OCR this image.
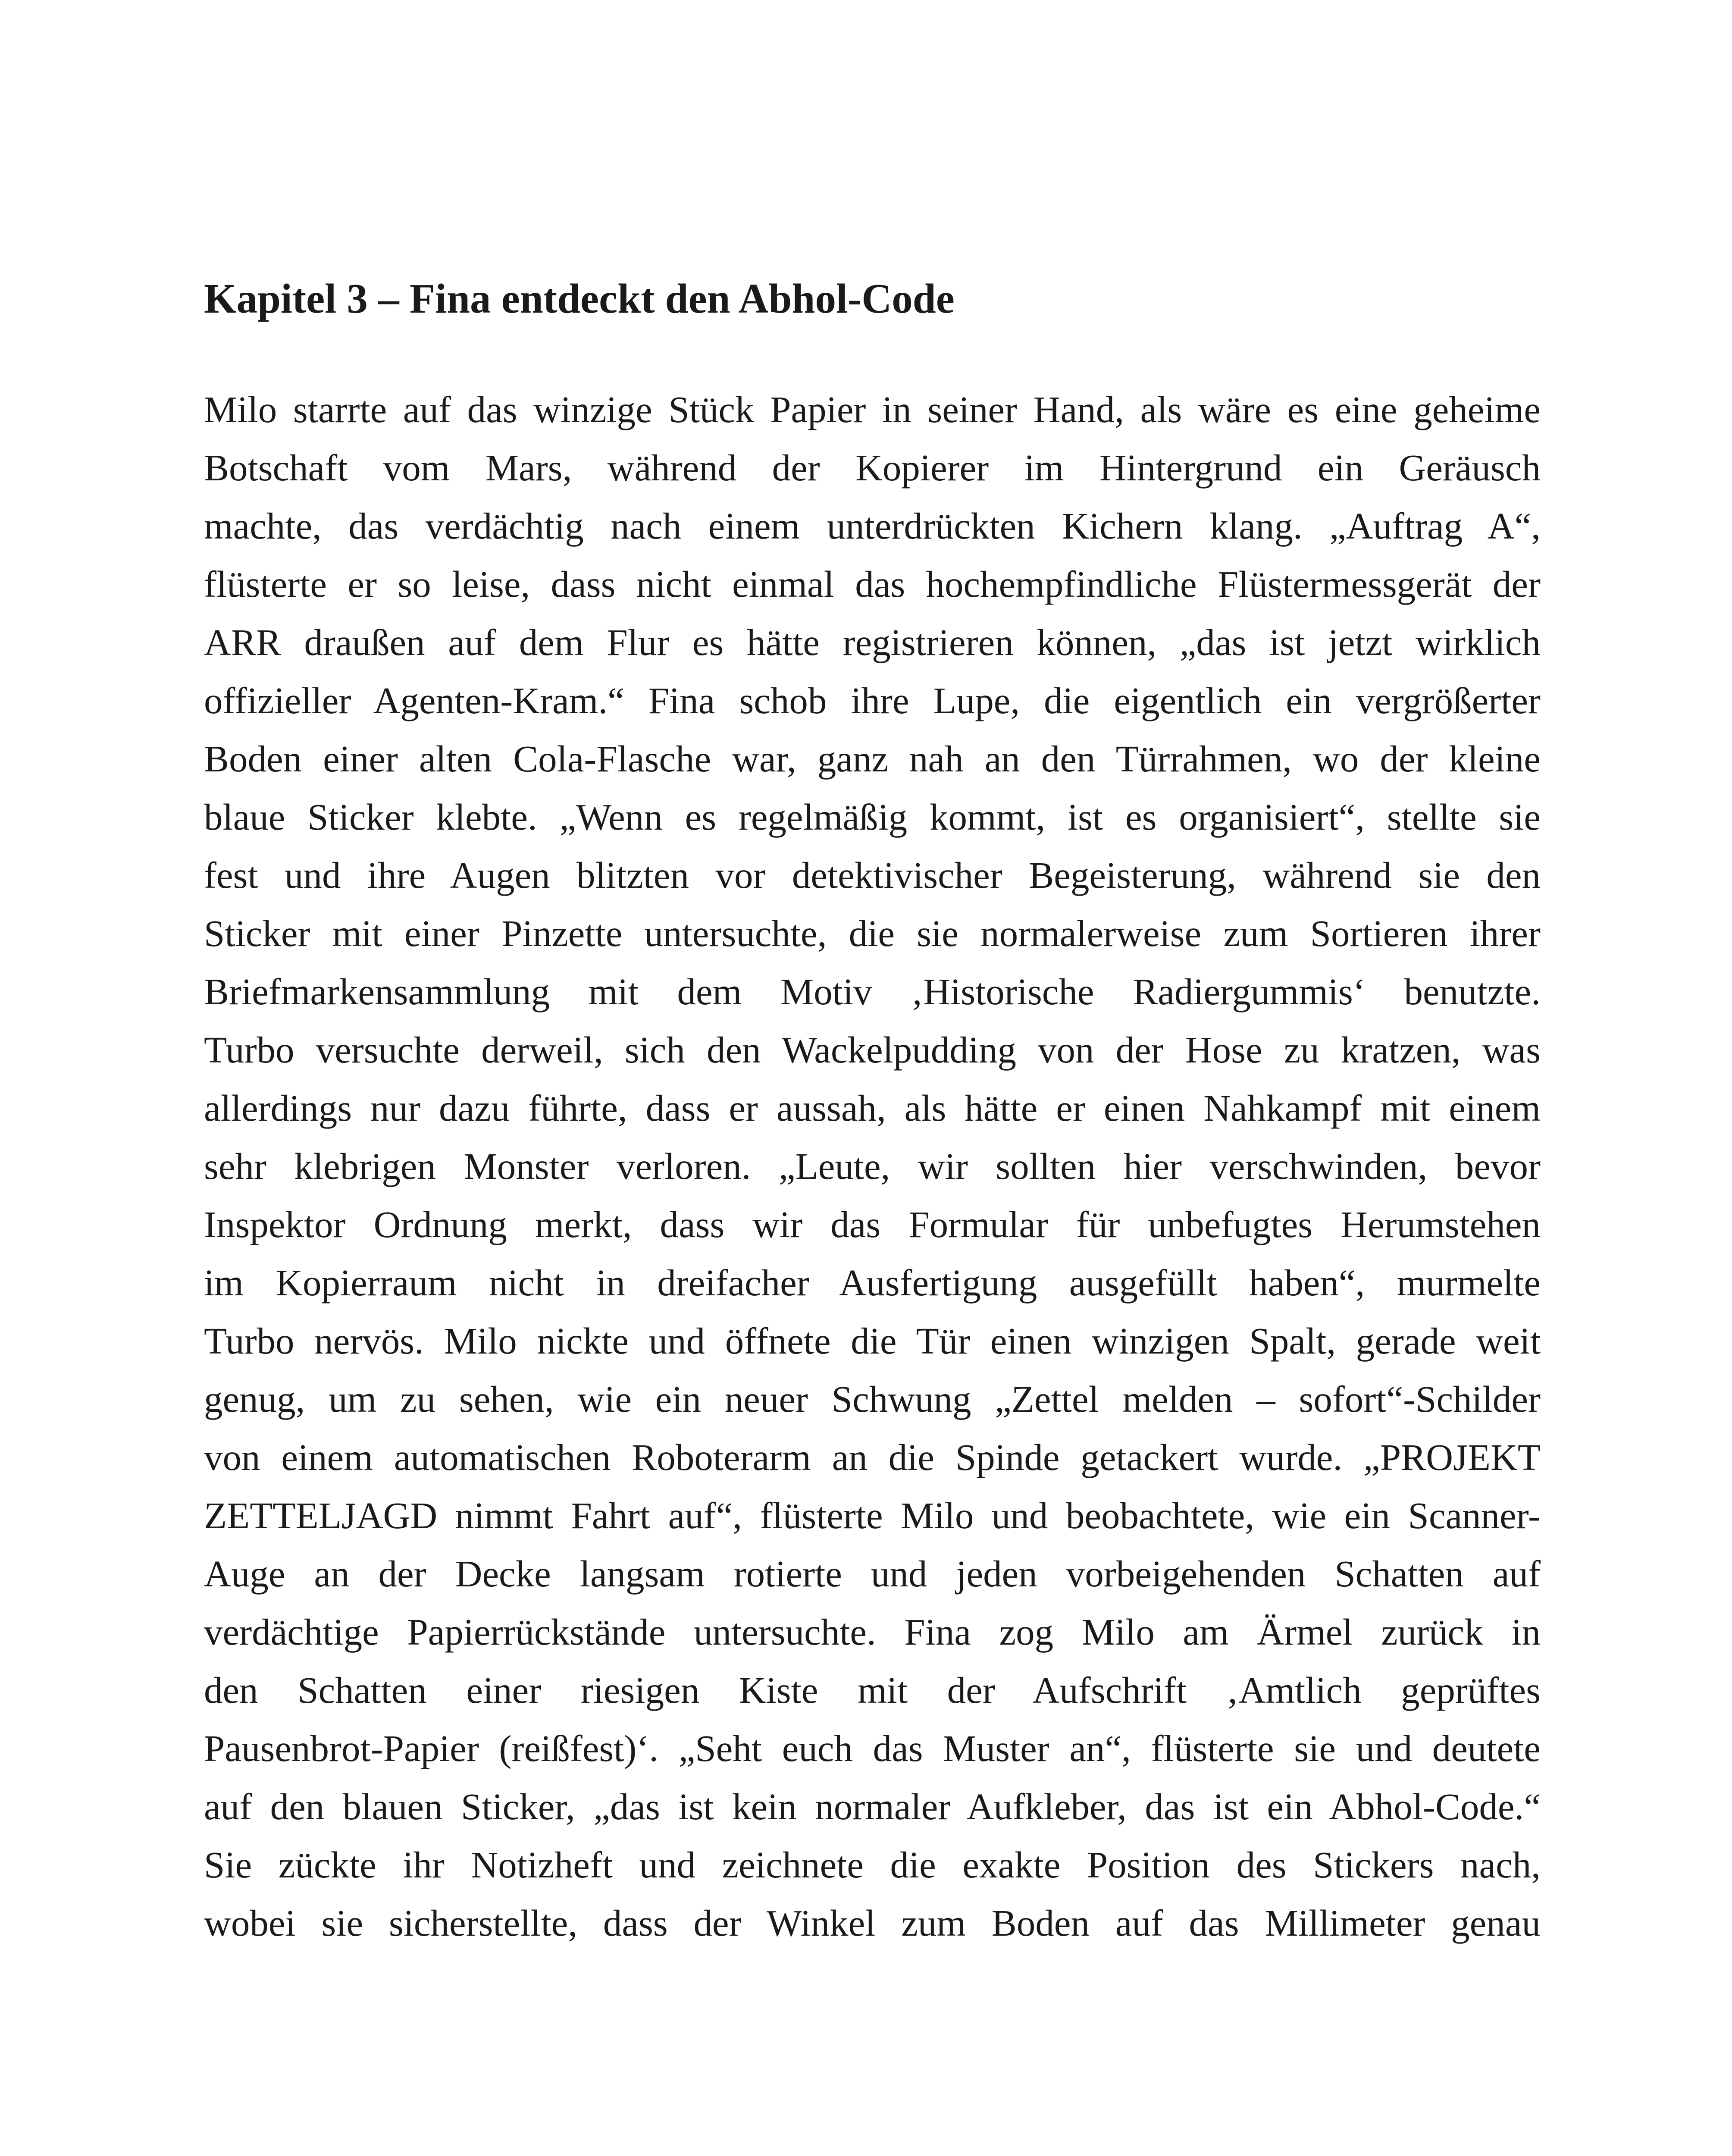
Kapitel 3 – Fina entdeckt den Abhol-Code
Milo starrte auf das winzige Stück Papier in seiner Hand, als wäre es eine geheime
Botschaft vom Mars, während der Kopierer im Hintergrund ein Geräusch
machte, das verdächtig nach einem unterdrückten Kichern klang. „Auftrag A“,
flüsterte er so leise, dass nicht einmal das hochempfindliche Flüstermessgerät der
ARR draußen auf dem Flur es hätte registrieren können, „das ist jetzt wirklich
offizieller Agenten-Kram.“ Fina schob ihre Lupe, die eigentlich ein vergrößerter
Boden einer alten Cola-Flasche war, ganz nah an den Türrahmen, wo der kleine
blaue Sticker klebte. „Wenn es regelmäßig kommt, ist es organisiert“, stellte sie
fest und ihre Augen blitzten vor detektivischer Begeisterung, während sie den
Sticker mit einer Pinzette untersuchte, die sie normalerweise zum Sortieren ihrer
Briefmarkensammlung mit dem Motiv ‚Historische Radiergummis‘ benutzte.
Turbo versuchte derweil, sich den Wackelpudding von der Hose zu kratzen, was
allerdings nur dazu führte, dass er aussah, als hätte er einen Nahkampf mit einem
sehr klebrigen Monster verloren. „Leute, wir sollten hier verschwinden, bevor
Inspektor Ordnung merkt, dass wir das Formular für unbefugtes Herumstehen
im Kopierraum nicht in dreifacher Ausfertigung ausgefüllt haben“, murmelte
Turbo nervös. Milo nickte und öffnete die Tür einen winzigen Spalt, gerade weit
genug, um zu sehen, wie ein neuer Schwung „Zettel melden – sofort“-Schilder
von einem automatischen Roboterarm an die Spinde getackert wurde. „PROJEKT
ZETTELJAGD nimmt Fahrt auf“, flüsterte Milo und beobachtete, wie ein Scanner-
Auge an der Decke langsam rotierte und jeden vorbeigehenden Schatten auf
verdächtige Papierrückstände untersuchte. Fina zog Milo am Ärmel zurück in
den Schatten einer riesigen Kiste mit der Aufschrift ‚Amtlich geprüftes
Pausenbrot-Papier (reißfest)‘. „Seht euch das Muster an“, flüsterte sie und deutete
auf den blauen Sticker, „das ist kein normaler Aufkleber, das ist ein Abhol-Code.“
Sie zückte ihr Notizheft und zeichnete die exakte Position des Stickers nach,
wobei sie sicherstellte, dass der Winkel zum Boden auf das Millimeter genau
